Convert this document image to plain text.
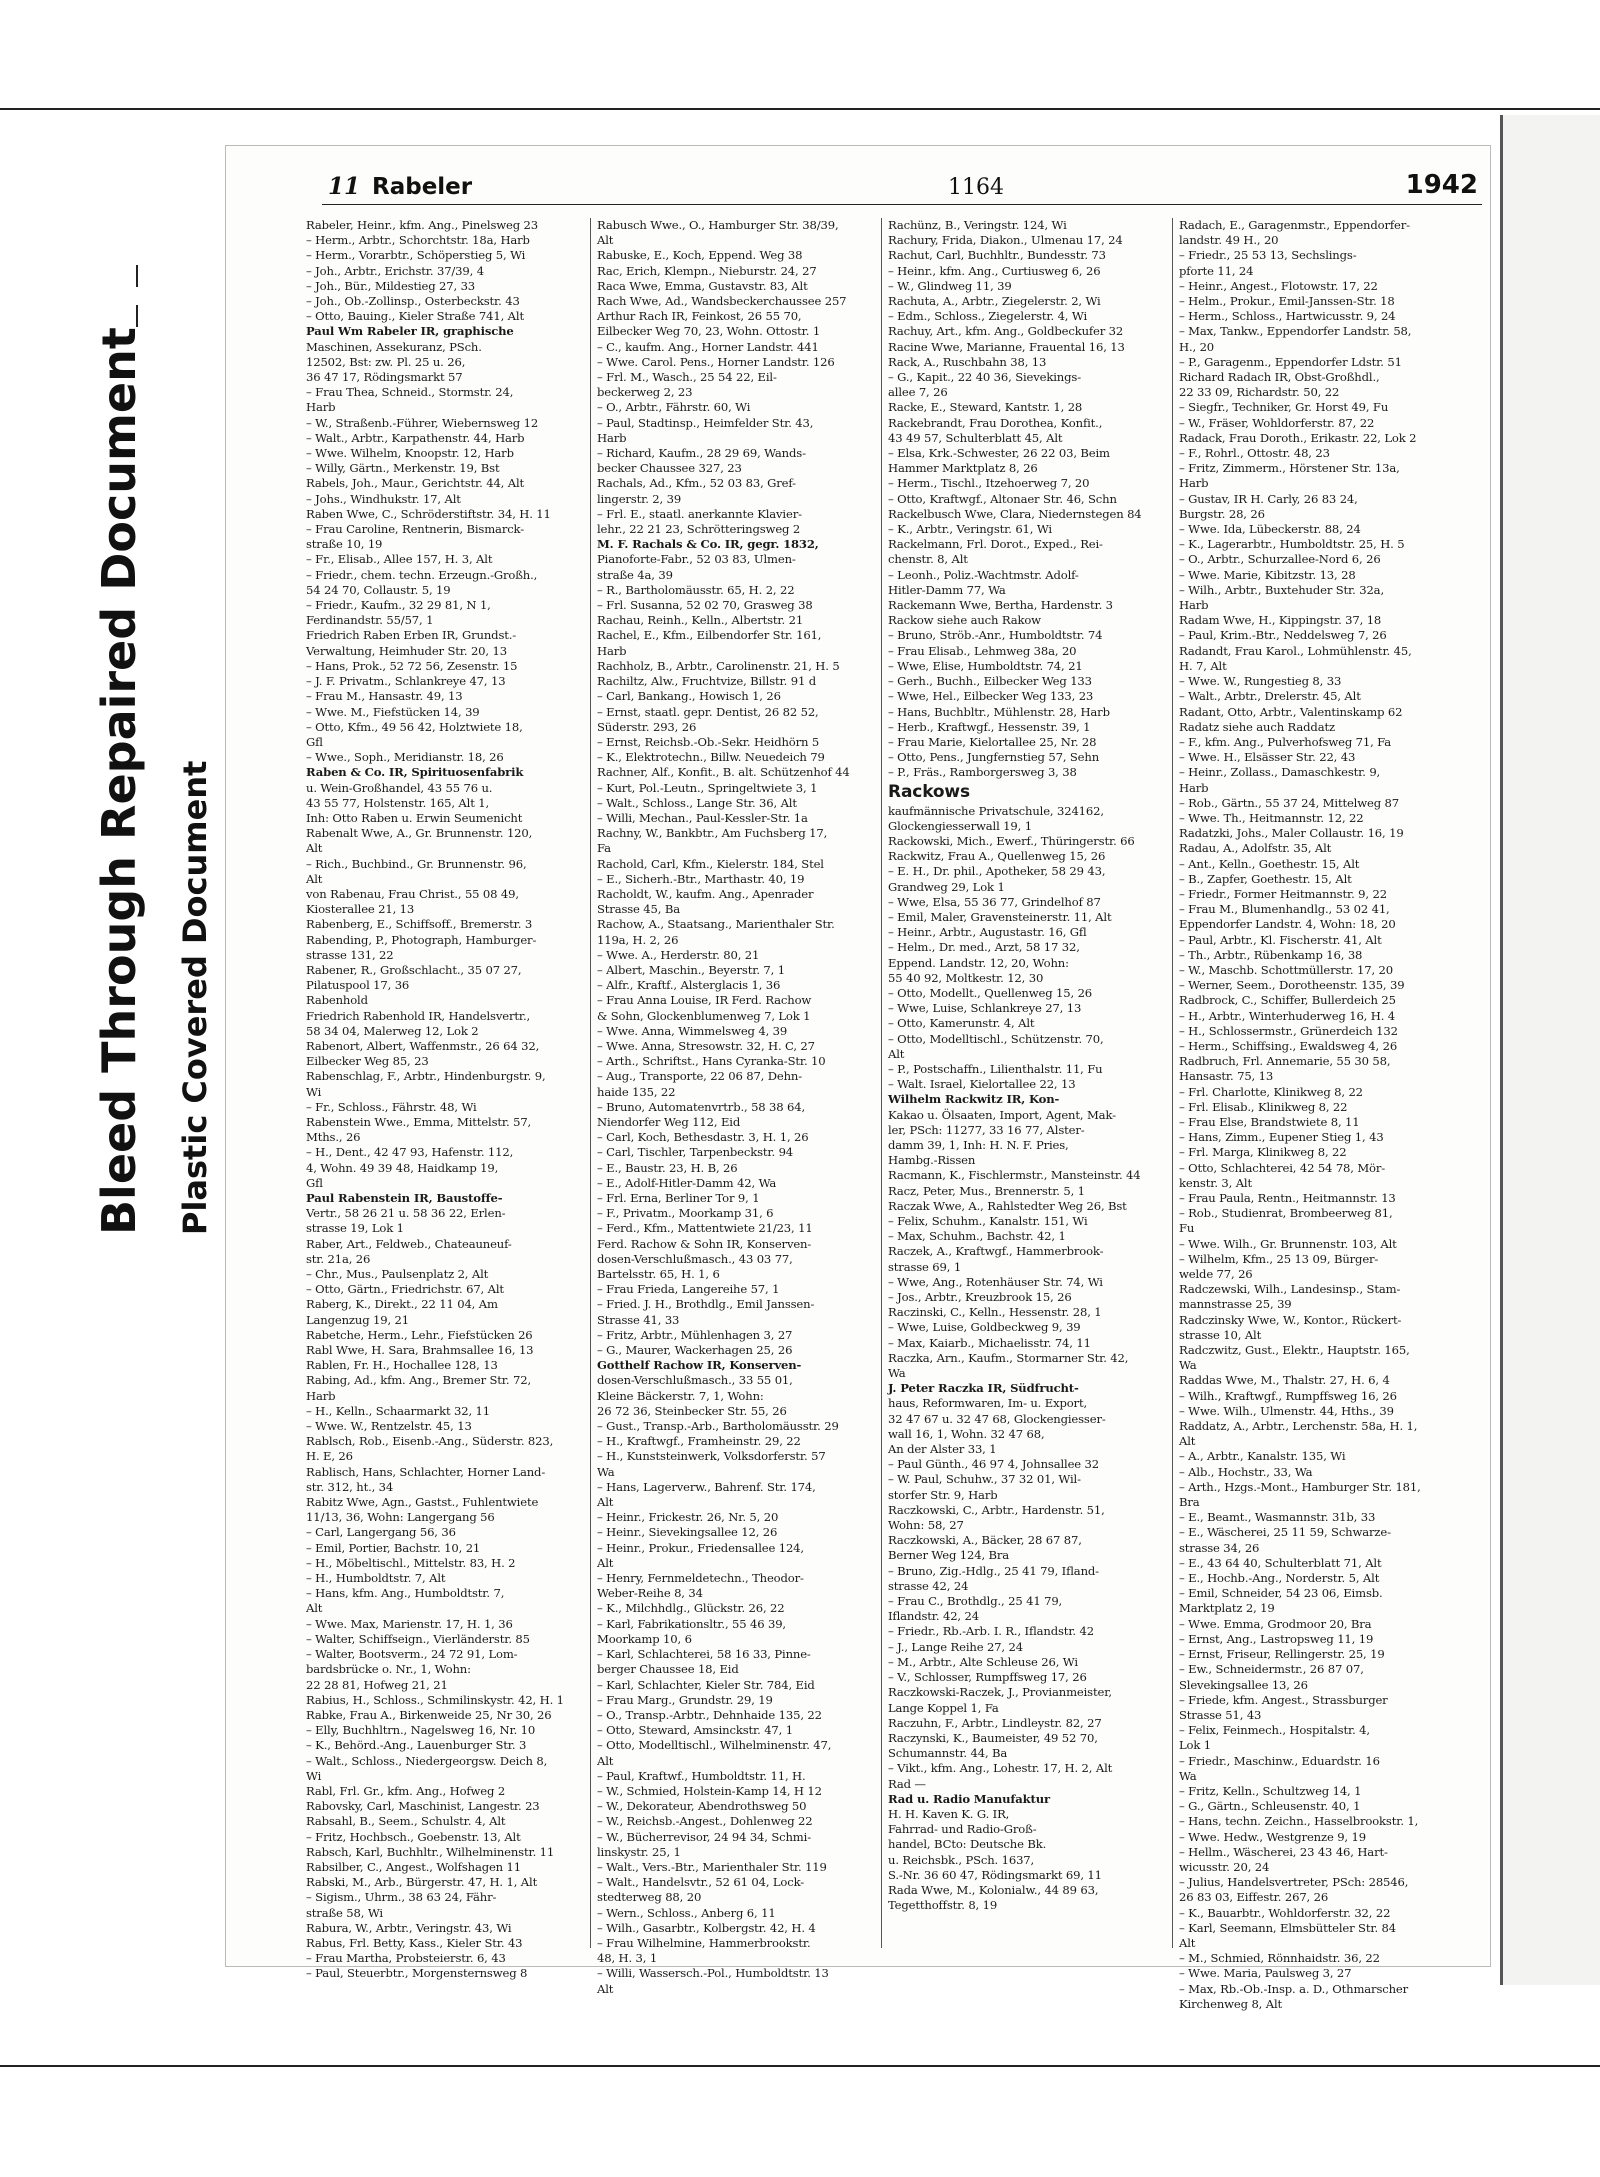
Bleed Through Repaired Document Plastic Covered Document
11 Rabeler	1164	1942
Rabeler, Heinr., kfm. Ang., Pinelsweg 23
– Herm., Arbtr., Schorchtstr. 18a, Harb
– Herm., Vorarbtr., Schöperstieg 5, Wi
– Joh., Arbtr., Erichstr. 37/39, 4
– Joh., Bür., Mildestieg 27, 33
– Joh., Ob.-Zollinsp., Osterbeckstr. 43
– Otto, Bauing., Kieler Straße 741, Alt
Paul Wm Rabeler IR, graphische
Maschinen, Assekuranz, PSch.
12502, Bst: zw. Pl. 25 u. 26,
36 47 17, Rödingsmarkt 57
– Frau Thea, Schneid., Stormstr. 24,
Harb
– W., Straßenb.-Führer, Wiebernsweg 12
– Walt., Arbtr., Karpathenstr. 44, Harb
– Wwe. Wilhelm, Knoopstr. 12, Harb
– Willy, Gärtn., Merkenstr. 19, Bst
Rabels, Joh., Maur., Gerichtstr. 44, Alt
– Johs., Windhukstr. 17, Alt
Raben Wwe, C., Schröderstiftstr. 34, H. 11
– Frau Caroline, Rentnerin, Bismarck-
straße 10, 19
– Fr., Elisab., Allee 157, H. 3, Alt
– Friedr., chem. techn. Erzeugn.-Großh.,
54 24 70, Collaustr. 5, 19
– Friedr., Kaufm., 32 29 81, N 1,
Ferdinandstr. 55/57, 1
Friedrich Raben Erben IR, Grundst.-
Verwaltung, Heimhuder Str. 20, 13
– Hans, Prok., 52 72 56, Zesenstr. 15
– J. F. Privatm., Schlankreye 47, 13
– Frau M., Hansastr. 49, 13
– Wwe. M., Fiefstücken 14, 39
– Otto, Kfm., 49 56 42, Holztwiete 18,
Gfl
– Wwe., Soph., Meridianstr. 18, 26
Raben & Co. IR, Spirituosenfabrik
u. Wein-Großhandel, 43 55 76 u.
43 55 77, Holstenstr. 165, Alt 1,
Inh: Otto Raben u. Erwin Seumenicht
Rabenalt Wwe, A., Gr. Brunnenstr. 120,
Alt
– Rich., Buchbind., Gr. Brunnenstr. 96,
Alt
von Rabenau, Frau Christ., 55 08 49,
Kiosterallee 21, 13
Rabenberg, E., Schiffsoff., Bremerstr. 3
Rabending, P., Photograph, Hamburger-
strasse 131, 22
Rabener, R., Großschlacht., 35 07 27,
Pilatuspool 17, 36
Rabenhold
Friedrich Rabenhold IR, Handelsvertr.,
58 34 04, Malerweg 12, Lok 2
Rabenort, Albert, Waffenmstr., 26 64 32,
Eilbecker Weg 85, 23
Rabenschlag, F., Arbtr., Hindenburgstr. 9,
Wi
– Fr., Schloss., Fährstr. 48, Wi
Rabenstein Wwe., Emma, Mittelstr. 57,
Mths., 26
– H., Dent., 42 47 93, Hafenstr. 112,
4, Wohn. 49 39 48, Haidkamp 19,
Gfl
Paul Rabenstein IR, Baustoffe-
Vertr., 58 26 21 u. 58 36 22, Erlen-
strasse 19, Lok 1
Raber, Art., Feldweb., Chateauneuf-
str. 21a, 26
– Chr., Mus., Paulsenplatz 2, Alt
– Otto, Gärtn., Friedrichstr. 67, Alt
Raberg, K., Direkt., 22 11 04, Am
Langenzug 19, 21
Rabetche, Herm., Lehr., Fiefstücken 26
Rabl Wwe, H. Sara, Brahmsallee 16, 13
Rablen, Fr. H., Hochallee 128, 13
Rabing, Ad., kfm. Ang., Bremer Str. 72,
Harb
– H., Kelln., Schaarmarkt 32, 11
– Wwe. W., Rentzelstr. 45, 13
Rablsch, Rob., Eisenb.-Ang., Süderstr. 823,
H. E, 26
Rablisch, Hans, Schlachter, Horner Land-
str. 312, ht., 34
Rabitz Wwe, Agn., Gastst., Fuhlentwiete
11/13, 36, Wohn: Langergang 56
– Carl, Langergang 56, 36
– Emil, Portier, Bachstr. 10, 21
– H., Möbeltischl., Mittelstr. 83, H. 2
– H., Humboldtstr. 7, Alt
– Hans, kfm. Ang., Humboldtstr. 7,
Alt
– Wwe. Max, Marienstr. 17, H. 1, 36
– Walter, Schiffseign., Vierländerstr. 85
– Walter, Bootsverm., 24 72 91, Lom-
bardsbrücke o. Nr., 1, Wohn:
22 28 81, Hofweg 21, 21
Rabius, H., Schloss., Schmilinskystr. 42, H. 1
Rabke, Frau A., Birkenweide 25, Nr 30, 26
– Elly, Buchhltrn., Nagelsweg 16, Nr. 10
– K., Behörd.-Ang., Lauenburger Str. 3
– Walt., Schloss., Niedergeorgsw. Deich 8,
Wi
Rabl, Frl. Gr., kfm. Ang., Hofweg 2
Rabovsky, Carl, Maschinist, Langestr. 23
Rabsahl, B., Seem., Schulstr. 4, Alt
– Fritz, Hochbsch., Goebenstr. 13, Alt
Rabsch, Karl, Buchhltr., Wilhelminenstr. 11
Rabsilber, C., Angest., Wolfshagen 11
Rabski, M., Arb., Bürgerstr. 47, H. 1, Alt
– Sigism., Uhrm., 38 63 24, Fähr-
straße 58, Wi
Rabura, W., Arbtr., Veringstr. 43, Wi
Rabus, Frl. Betty, Kass., Kieler Str. 43
– Frau Martha, Probsteierstr. 6, 43
– Paul, Steuerbtr., Morgensternsweg 8
Rabusch Wwe., O., Hamburger Str. 38/39,
Alt
Rabuske, E., Koch, Eppend. Weg 38
Rac, Erich, Klempn., Nieburstr. 24, 27
Raca Wwe, Emma, Gustavstr. 83, Alt
Rach Wwe, Ad., Wandsbeckerchaussee 257
Arthur Rach IR, Feinkost, 26 55 70,
Eilbecker Weg 70, 23, Wohn. Ottostr. 1
– C., kaufm. Ang., Horner Landstr. 441
– Wwe. Carol. Pens., Horner Landstr. 126
– Frl. M., Wasch., 25 54 22, Eil-
beckerweg 2, 23
– O., Arbtr., Fährstr. 60, Wi
– Paul, Stadtinsp., Heimfelder Str. 43,
Harb
– Richard, Kaufm., 28 29 69, Wands-
becker Chaussee 327, 23
Rachals, Ad., Kfm., 52 03 83, Gref-
lingerstr. 2, 39
– Frl. E., staatl. anerkannte Klavier-
lehr., 22 21 23, Schrötteringsweg 2
M. F. Rachals & Co. IR, gegr. 1832,
Pianoforte-Fabr., 52 03 83, Ulmen-
straße 4a, 39
– R., Bartholomäusstr. 65, H. 2, 22
– Frl. Susanna, 52 02 70, Grasweg 38
Rachau, Reinh., Kelln., Albertstr. 21
Rachel, E., Kfm., Eilbendorfer Str. 161,
Harb
Rachholz, B., Arbtr., Carolinenstr. 21, H. 5
Rachiltz, Alw., Fruchtvize, Billstr. 91 d
– Carl, Bankang., Howisch 1, 26
– Ernst, staatl. gepr. Dentist, 26 82 52,
Süderstr. 293, 26
– Ernst, Reichsb.-Ob.-Sekr. Heidhörn 5
– K., Elektrotechn., Billw. Neuedeich 79
Rachner, Alf., Konfit., B. alt. Schützenhof 44
– Kurt, Pol.-Leutn., Springeltwiete 3, 1
– Walt., Schloss., Lange Str. 36, Alt
– Willi, Mechan., Paul-Kessler-Str. 1a
Rachny, W., Bankbtr., Am Fuchsberg 17,
Fa
Rachold, Carl, Kfm., Kielerstr. 184, Stel
– E., Sicherh.-Btr., Marthastr. 40, 19
Racholdt, W., kaufm. Ang., Apenrader
Strasse 45, Ba
Rachow, A., Staatsang., Marienthaler Str.
119a, H. 2, 26
– Wwe. A., Herderstr. 80, 21
– Albert, Maschin., Beyerstr. 7, 1
– Alfr., Kraftf., Alsterglacis 1, 36
– Frau Anna Louise, IR Ferd. Rachow
& Sohn, Glockenblumenweg 7, Lok 1
– Wwe. Anna, Wimmelsweg 4, 39
– Wwe. Anna, Stresowstr. 32, H. C, 27
– Arth., Schriftst., Hans Cyranka-Str. 10
– Aug., Transporte, 22 06 87, Dehn-
haide 135, 22
– Bruno, Automatenvrtrb., 58 38 64,
Niendorfer Weg 112, Eid
– Carl, Koch, Bethesdastr. 3, H. 1, 26
– Carl, Tischler, Tarpenbeckstr. 94
– E., Baustr. 23, H. B, 26
– E., Adolf-Hitler-Damm 42, Wa
– Frl. Erna, Berliner Tor 9, 1
– F., Privatm., Moorkamp 31, 6
– Ferd., Kfm., Mattentwiete 21/23, 11
Ferd. Rachow & Sohn IR, Konserven-
dosen-Verschlußmasch., 43 03 77,
Bartelsstr. 65, H. 1, 6
– Frau Frieda, Langereihe 57, 1
– Fried. J. H., Brothdlg., Emil Janssen-
Strasse 41, 33
– Fritz, Arbtr., Mühlenhagen 3, 27
– G., Maurer, Wackerhagen 25, 26
Gotthelf Rachow IR, Konserven-
dosen-Verschlußmasch., 33 55 01,
Kleine Bäckerstr. 7, 1, Wohn:
26 72 36, Steinbecker Str. 55, 26
– Gust., Transp.-Arb., Bartholomäusstr. 29
– H., Kraftwgf., Framheinstr. 29, 22
– H., Kunststeinwerk, Volksdorferstr. 57
Wa
– Hans, Lagerverw., Bahrenf. Str. 174,
Alt
– Heinr., Frickestr. 26, Nr. 5, 20
– Heinr., Sievekingsallee 12, 26
– Heinr., Prokur., Friedensallee 124,
Alt
– Henry, Fernmeldetechn., Theodor-
Weber-Reihe 8, 34
– K., Milchhdlg., Glückstr. 26, 22
– Karl, Fabrikationsltr., 55 46 39,
Moorkamp 10, 6
– Karl, Schlachterei, 58 16 33, Pinne-
berger Chaussee 18, Eid
– Karl, Schlachter, Kieler Str. 784, Eid
– Frau Marg., Grundstr. 29, 19
– O., Transp.-Arbtr., Dehnhaide 135, 22
– Otto, Steward, Amsinckstr. 47, 1
– Otto, Modelltischl., Wilhelminenstr. 47,
Alt
– Paul, Kraftwf., Humboldtstr. 11, H.
– W., Schmied, Holstein-Kamp 14, H 12
– W., Dekorateur, Abendrothsweg 50
– W., Reichsb.-Angest., Dohlenweg 22
– W., Bücherrevisor, 24 94 34, Schmi-
linskystr. 25, 1
– Walt., Vers.-Btr., Marienthaler Str. 119
– Walt., Handelsvtr., 52 61 04, Lock-
stedterweg 88, 20
– Wern., Schloss., Anberg 6, 11
– Wilh., Gasarbtr., Kolbergstr. 42, H. 4
– Frau Wilhelmine, Hammerbrookstr.
48, H. 3, 1
– Willi, Wassersch.-Pol., Humboldtstr. 13
Alt
Rachünz, B., Veringstr. 124, Wi
Rachury, Frida, Diakon., Ulmenau 17, 24
Rachut, Carl, Buchhltr., Bundesstr. 73
– Heinr., kfm. Ang., Curtiusweg 6, 26
– W., Glindweg 11, 39
Rachuta, A., Arbtr., Ziegelerstr. 2, Wi
– Edm., Schloss., Ziegelerstr. 4, Wi
Rachuy, Art., kfm. Ang., Goldbeckufer 32
Racine Wwe, Marianne, Frauental 16, 13
Rack, A., Ruschbahn 38, 13
– G., Kapit., 22 40 36, Sievekings-
allee 7, 26
Racke, E., Steward, Kantstr. 1, 28
Rackebrandt, Frau Dorothea, Konfit.,
43 49 57, Schulterblatt 45, Alt
– Elsa, Krk.-Schwester, 26 22 03, Beim
Hammer Marktplatz 8, 26
– Herm., Tischl., Itzehoerweg 7, 20
– Otto, Kraftwgf., Altonaer Str. 46, Schn
Rackelbusch Wwe, Clara, Niedernstegen 84
– K., Arbtr., Veringstr. 61, Wi
Rackelmann, Frl. Dorot., Exped., Rei-
chenstr. 8, Alt
– Leonh., Poliz.-Wachtmstr. Adolf-
Hitler-Damm 77, Wa
Rackemann Wwe, Bertha, Hardenstr. 3
Rackow siehe auch Rakow
– Bruno, Ströb.-Anr., Humboldtstr. 74
– Frau Elisab., Lehmweg 38a, 20
– Wwe, Elise, Humboldtstr. 74, 21
– Gerh., Buchh., Eilbecker Weg 133
– Wwe, Hel., Eilbecker Weg 133, 23
– Hans, Buchbltr., Mühlenstr. 28, Harb
– Herb., Kraftwgf., Hessenstr. 39, 1
– Frau Marie, Kielortallee 25, Nr. 28
– Otto, Pens., Jungfernstieg 57, Sehn
– P., Fräs., Ramborgersweg 3, 38
Rackows
kaufmännische Privatschule, 324162,
Glockengiesserwall 19, 1
Rackowski, Mich., Ewerf., Thüringerstr. 66
Rackwitz, Frau A., Quellenweg 15, 26
– E. H., Dr. phil., Apotheker, 58 29 43,
Grandweg 29, Lok 1
– Wwe, Elsa, 55 36 77, Grindelhof 87
– Emil, Maler, Gravensteinerstr. 11, Alt
– Heinr., Arbtr., Augustastr. 16, Gfl
– Helm., Dr. med., Arzt, 58 17 32,
Eppend. Landstr. 12, 20, Wohn:
55 40 92, Moltkestr. 12, 30
– Otto, Modellt., Quellenweg 15, 26
– Wwe, Luise, Schlankreye 27, 13
– Otto, Kamerunstr. 4, Alt
– Otto, Modelltischl., Schützenstr. 70,
Alt
– P., Postschaffn., Lilienthalstr. 11, Fu
– Walt. Israel, Kielortallee 22, 13
Wilhelm Rackwitz IR, Kon-
Kakao u. Ölsaaten, Import, Agent, Mak-
ler, PSch: 11277, 33 16 77, Alster-
damm 39, 1, Inh: H. N. F. Pries,
Hambg.-Rissen
Racmann, K., Fischlermstr., Mansteinstr. 44
Racz, Peter, Mus., Brennerstr. 5, 1
Raczak Wwe, A., Rahlstedter Weg 26, Bst
– Felix, Schuhm., Kanalstr. 151, Wi
– Max, Schuhm., Bachstr. 42, 1
Raczek, A., Kraftwgf., Hammerbrook-
strasse 69, 1
– Wwe, Ang., Rotenhäuser Str. 74, Wi
– Jos., Arbtr., Kreuzbrook 15, 26
Raczinski, C., Kelln., Hessenstr. 28, 1
– Wwe, Luise, Goldbeckweg 9, 39
– Max, Kaiarb., Michaelisstr. 74, 11
Raczka, Arn., Kaufm., Stormarner Str. 42,
Wa
J. Peter Raczka IR, Südfrucht-
haus, Reformwaren, Im- u. Export,
32 47 67 u. 32 47 68, Glockengiesser-
wall 16, 1, Wohn. 32 47 68,
An der Alster 33, 1
– Paul Günth., 46 97 4, Johnsallee 32
– W. Paul, Schuhw., 37 32 01, Wil-
storfer Str. 9, Harb
Raczkowski, C., Arbtr., Hardenstr. 51,
Wohn: 58, 27
Raczkowski, A., Bäcker, 28 67 87,
Berner Weg 124, Bra
– Bruno, Zig.-Hdlg., 25 41 79, Ifland-
strasse 42, 24
– Frau C., Brothdlg., 25 41 79,
Iflandstr. 42, 24
– Friedr., Rb.-Arb. I. R., Iflandstr. 42
– J., Lange Reihe 27, 24
– M., Arbtr., Alte Schleuse 26, Wi
– V., Schlosser, Rumpffsweg 17, 26
Raczkowski-Raczek, J., Provianmeister,
Lange Koppel 1, Fa
Raczuhn, F., Arbtr., Lindleystr. 82, 27
Raczynski, K., Baumeister, 49 52 70,
Schumannstr. 44, Ba
– Vikt., kfm. Ang., Lohestr. 17, H. 2, Alt
Rad —
Rad u. Radio Manufaktur
H. H. Kaven K. G. IR,
Fahrrad- und Radio-Groß-
handel, BCto: Deutsche Bk.
u. Reichsbk., PSch. 1637,
S.-Nr. 36 60 47, Rödingsmarkt 69, 11
Rada Wwe, M., Kolonialw., 44 89 63,
Tegetthoffstr. 8, 19
Radach, E., Garagenmstr., Eppendorfer-
landstr. 49 H., 20
– Friedr., 25 53 13, Sechslings-
pforte 11, 24
– Heinr., Angest., Flotowstr. 17, 22
– Helm., Prokur., Emil-Janssen-Str. 18
– Herm., Schloss., Hartwicusstr. 9, 24
– Max, Tankw., Eppendorfer Landstr. 58,
H., 20
– P., Garagenm., Eppendorfer Ldstr. 51
Richard Radach IR, Obst-Großhdl.,
22 33 09, Richardstr. 50, 22
– Siegfr., Techniker, Gr. Horst 49, Fu
– W., Fräser, Wohldorferstr. 87, 22
Radack, Frau Doroth., Erikastr. 22, Lok 2
– F., Rohrl., Ottostr. 48, 23
– Fritz, Zimmerm., Hörstener Str. 13a,
Harb
– Gustav, IR H. Carly, 26 83 24,
Burgstr. 28, 26
– Wwe. Ida, Lübeckerstr. 88, 24
– K., Lagerarbtr., Humboldtstr. 25, H. 5
– O., Arbtr., Schurzallee-Nord 6, 26
– Wwe. Marie, Kibitzstr. 13, 28
– Wilh., Arbtr., Buxtehuder Str. 32a,
Harb
Radam Wwe, H., Kippingstr. 37, 18
– Paul, Krim.-Btr., Neddelsweg 7, 26
Radandt, Frau Karol., Lohmühlenstr. 45,
H. 7, Alt
– Wwe. W., Rungestieg 8, 33
– Walt., Arbtr., Drelerstr. 45, Alt
Radant, Otto, Arbtr., Valentinskamp 62
Radatz siehe auch Raddatz
– F., kfm. Ang., Pulverhofsweg 71, Fa
– Wwe. H., Elsässer Str. 22, 43
– Heinr., Zollass., Damaschkestr. 9,
Harb
– Rob., Gärtn., 55 37 24, Mittelweg 87
– Wwe. Th., Heitmannstr. 12, 22
Radatzki, Johs., Maler Collaustr. 16, 19
Radau, A., Adolfstr. 35, Alt
– Ant., Kelln., Goethestr. 15, Alt
– B., Zapfer, Goethestr. 15, Alt
– Friedr., Former Heitmannstr. 9, 22
– Frau M., Blumenhandlg., 53 02 41,
Eppendorfer Landstr. 4, Wohn: 18, 20
– Paul, Arbtr., Kl. Fischerstr. 41, Alt
– Th., Arbtr., Rübenkamp 16, 38
– W., Maschb. Schottmüllerstr. 17, 20
– Werner, Seem., Dorotheenstr. 135, 39
Radbrock, C., Schiffer, Bullerdeich 25
– H., Arbtr., Winterhuderweg 16, H. 4
– H., Schlossermstr., Grünerdeich 132
– Herm., Schiffsing., Ewaldsweg 4, 26
Radbruch, Frl. Annemarie, 55 30 58,
Hansastr. 75, 13
– Frl. Charlotte, Klinikweg 8, 22
– Frl. Elisab., Klinikweg 8, 22
– Frau Else, Brandstwiete 8, 11
– Hans, Zimm., Eupener Stieg 1, 43
– Frl. Marga, Klinikweg 8, 22
– Otto, Schlachterei, 42 54 78, Mör-
kenstr. 3, Alt
– Frau Paula, Rentn., Heitmannstr. 13
– Rob., Studienrat, Brombeerweg 81,
Fu
– Wwe. Wilh., Gr. Brunnenstr. 103, Alt
– Wilhelm, Kfm., 25 13 09, Bürger-
welde 77, 26
Radczewski, Wilh., Landesinsp., Stam-
mannstrasse 25, 39
Radczinsky Wwe, W., Kontor., Rückert-
strasse 10, Alt
Radczwitz, Gust., Elektr., Hauptstr. 165,
Wa
Raddas Wwe, M., Thalstr. 27, H. 6, 4
– Wilh., Kraftwgf., Rumpffsweg 16, 26
– Wwe. Wilh., Ulmenstr. 44, Hths., 39
Raddatz, A., Arbtr., Lerchenstr. 58a, H. 1,
Alt
– A., Arbtr., Kanalstr. 135, Wi
– Alb., Hochstr., 33, Wa
– Arth., Hzgs.-Mont., Hamburger Str. 181,
Bra
– E., Beamt., Wasmannstr. 31b, 33
– E., Wäscherei, 25 11 59, Schwarze-
strasse 34, 26
– E., 43 64 40, Schulterblatt 71, Alt
– E., Hochb.-Ang., Norderstr. 5, Alt
– Emil, Schneider, 54 23 06, Eimsb.
Marktplatz 2, 19
– Wwe. Emma, Grodmoor 20, Bra
– Ernst, Ang., Lastropsweg 11, 19
– Ernst, Friseur, Rellingerstr. 25, 19
– Ew., Schneidermstr., 26 87 07,
Slevekingsallee 13, 26
– Friede, kfm. Angest., Strassburger
Strasse 51, 43
– Felix, Feinmech., Hospitalstr. 4,
Lok 1
– Friedr., Maschinw., Eduardstr. 16
Wa
– Fritz, Kelln., Schultzweg 14, 1
– G., Gärtn., Schleusenstr. 40, 1
– Hans, techn. Zeichn., Hasselbrookstr. 1,
– Wwe. Hedw., Westgrenze 9, 19
– Hellm., Wäscherei, 23 43 46, Hart-
wicusstr. 20, 24
– Julius, Handelsvertreter, PSch: 28546,
26 83 03, Eiffestr. 267, 26
– K., Bauarbtr., Wohldorferstr. 32, 22
– Karl, Seemann, Elmsbütteler Str. 84
Alt
– M., Schmied, Rönnhaidstr. 36, 22
– Wwe. Maria, Paulsweg 3, 27
– Max, Rb.-Ob.-Insp. a. D., Othmarscher
Kirchenweg 8, Alt
